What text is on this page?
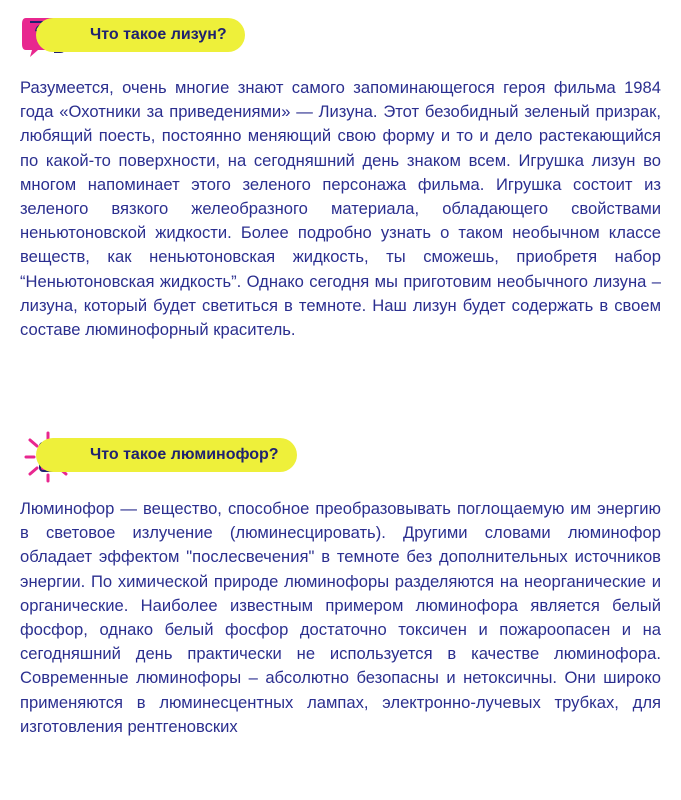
Что такое лизун?

Разумеется, очень многие знают самого запоминающегося героя фильма 1984 года «Охотники за приведениями» — Лизуна. Этот безобидный зеленый призрак, любящий поесть, постоянно меняющий свою форму и то и дело растекающийся по какой-то поверхности, на сегодняшний день знаком всем. Игрушка лизун во многом напоминает этого зеленого персонажа фильма. Игрушка состоит из зеленого вязкого желеобразного материала, обладающего свойствами неньютоновской жидкости. Более подробно узнать о таком необычном классе веществ, как неньютоновская жидкость, ты сможешь, приобретя набор “Неньютоновская жидкость”. Однако сегодня мы приготовим необычного лизуна – лизуна, который будет светиться в темноте. Наш лизун будет содержать в своем составе люминофорный краситель.

Что такое люминофор?

Люминофор — вещество, способное преобразовывать поглощаемую им энергию в световое излучение (люминесцировать). Другими словами люминофор обладает эффектом "послесвечения" в темноте без дополнительных источников энергии. По химической природе люминофоры разделяются на неорганические и органические. Наиболее известным примером люминофора является белый фосфор, однако белый фосфор достаточно токсичен и пожароопасен и на сегодняшний день практически не используется в качестве люминофора. Современные люминофоры – абсолютно безопасны и нетоксичны. Они широко применяются в люминесцентных лампах, электронно-лучевых трубках, для изготовления рентгеновских
